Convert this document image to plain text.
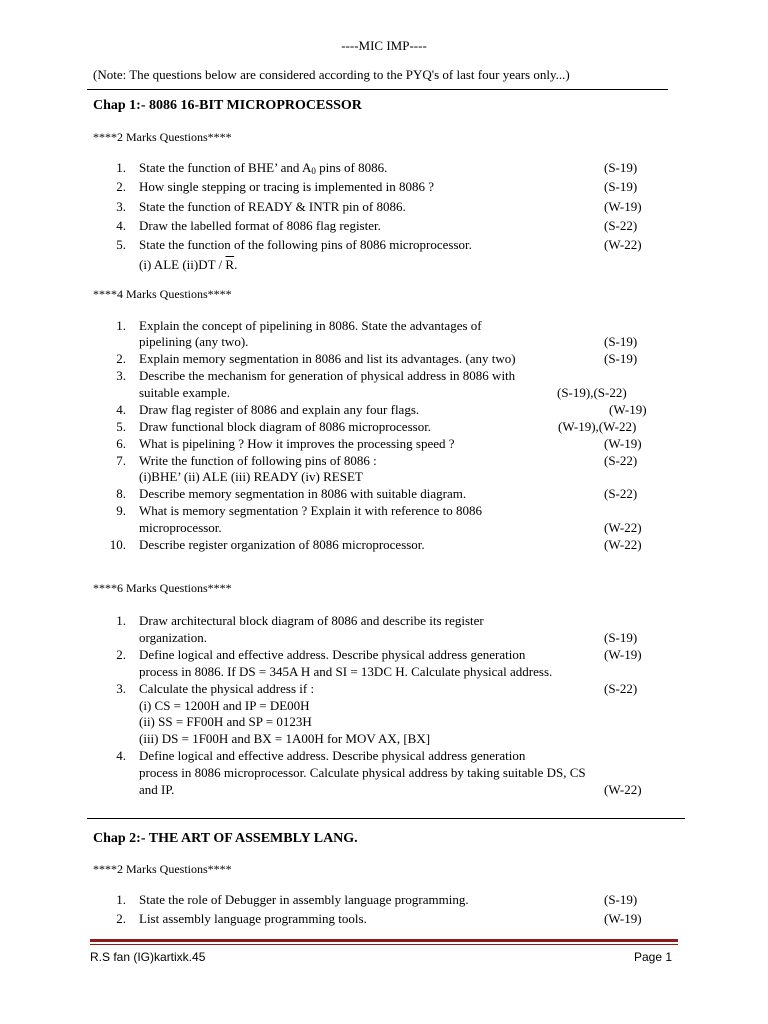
----MIC IMP----
(Note: The questions below are considered according to the PYQ's of last four years only...)
Chap 1:- 8086 16-BIT MICROPROCESSOR
****2 Marks Questions****
1. State the function of BHE’ and $A_0$ pins of 8086.	(S-19)
2. How single stepping or tracing is implemented in 8086 ?	(S-19)
3. State the function of READY & INTR pin of 8086.	(W-19)
4. Draw the labelled format of 8086 flag register.	(S-22)
5. State the function of the following pins of 8086 microprocessor.	(W-22)
(i) ALE $(ii)DT / \overline{R}$.
****4 Marks Questions****
1. Explain the concept of pipelining in 8086. State the advantages of
pipelining (any two).	(S-19)
2. Explain memory segmentation in 8086 and list its advantages. (any two)	(S-19)
3. Describe the mechanism for generation of physical address in 8086 with
suitable example.	(S-19),(S-22)
4. Draw flag register of 8086 and explain any four flags.	(W-19)
5. Draw functional block diagram of 8086 microprocessor.	(W-19),(W-22)
6. What is pipelining ? How it improves the processing speed ?	(W-19)
7. Write the function of following pins of 8086 :	(S-22)
(i)BHE’ (ii) ALE (iii) READY (iv) RESET
8. Describe memory segmentation in 8086 with suitable diagram.	(S-22)
9. What is memory segmentation ? Explain it with reference to 8086
microprocessor.	(W-22)
10. Describe register organization of 8086 microprocessor.	(W-22)
****6 Marks Questions****
1. Draw architectural block diagram of 8086 and describe its register
organization.	(S-19)
2. Define logical and effective address. Describe physical address generation	(W-19)
process in 8086. If DS = 345A H and SI = 13DC H. Calculate physical address.
3. Calculate the physical address if :	(S-22)
(i) CS = 1200H and IP = DE00H
(ii) SS = FF00H and SP = 0123H
(iii) DS = 1F00H and BX = 1A00H for MOV AX, [BX]
4. Define logical and effective address. Describe physical address generation
process in 8086 microprocessor. Calculate physical address by taking suitable DS, CS
and IP.	(W-22)
Chap 2:- THE ART OF ASSEMBLY LANG.
****2 Marks Questions****
1. State the role of Debugger in assembly language programming.	(S-19)
2. List assembly language programming tools.	(W-19)
R.S fan (IG)kartixk.45	Page 1
